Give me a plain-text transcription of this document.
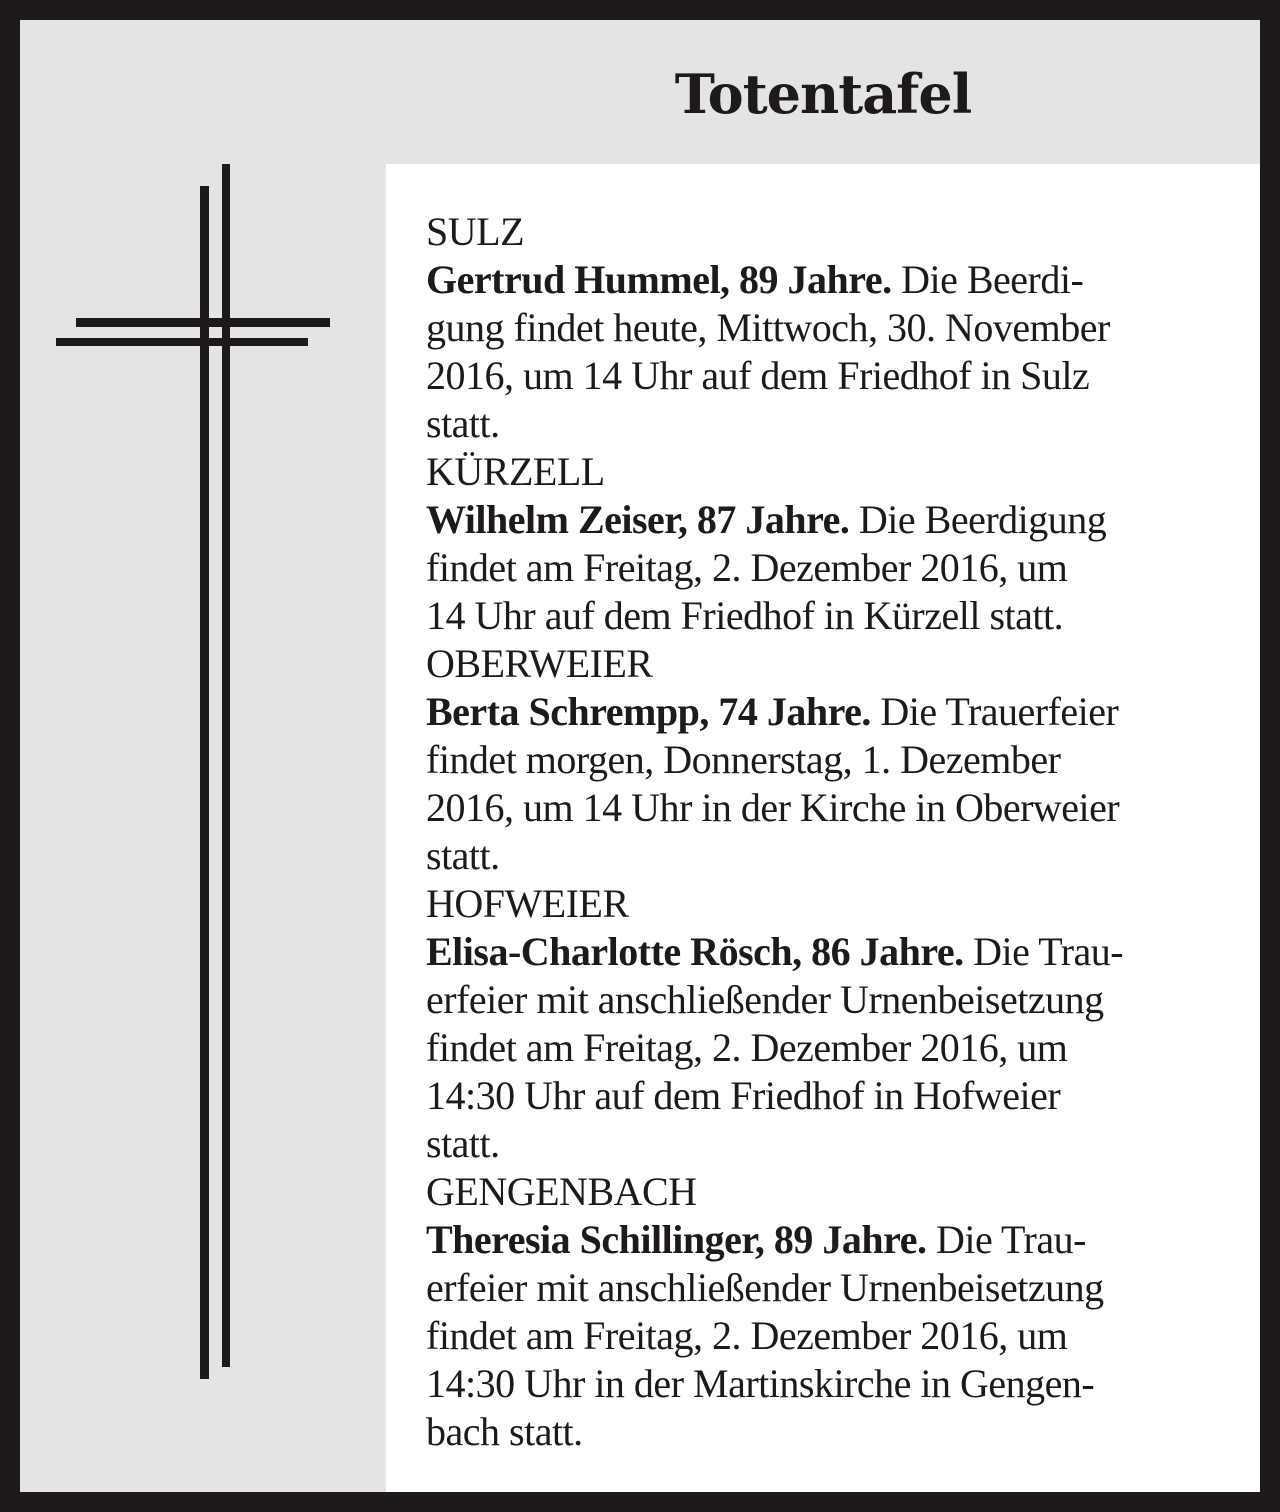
Totentafel
SULZ
Gertrud Hummel, 89 Jahre. Die Beerdi-
gung findet heute, Mittwoch, 30. November
2016, um 14 Uhr auf dem Friedhof in Sulz
statt.
KÜRZELL
Wilhelm Zeiser, 87 Jahre. Die Beerdigung
findet am Freitag, 2. Dezember 2016, um
14 Uhr auf dem Friedhof in Kürzell statt.
OBERWEIER
Berta Schrempp, 74 Jahre. Die Trauerfeier
findet morgen, Donnerstag, 1. Dezember
2016, um 14 Uhr in der Kirche in Oberweier
statt.
HOFWEIER
Elisa-Charlotte Rösch, 86 Jahre. Die Trau-
erfeier mit anschließender Urnenbeisetzung
findet am Freitag, 2. Dezember 2016, um
14:30 Uhr auf dem Friedhof in Hofweier
statt.
GENGENBACH
Theresia Schillinger, 89 Jahre. Die Trau-
erfeier mit anschließender Urnenbeisetzung
findet am Freitag, 2. Dezember 2016, um
14:30 Uhr in der Martinskirche in Gengen-
bach statt.
